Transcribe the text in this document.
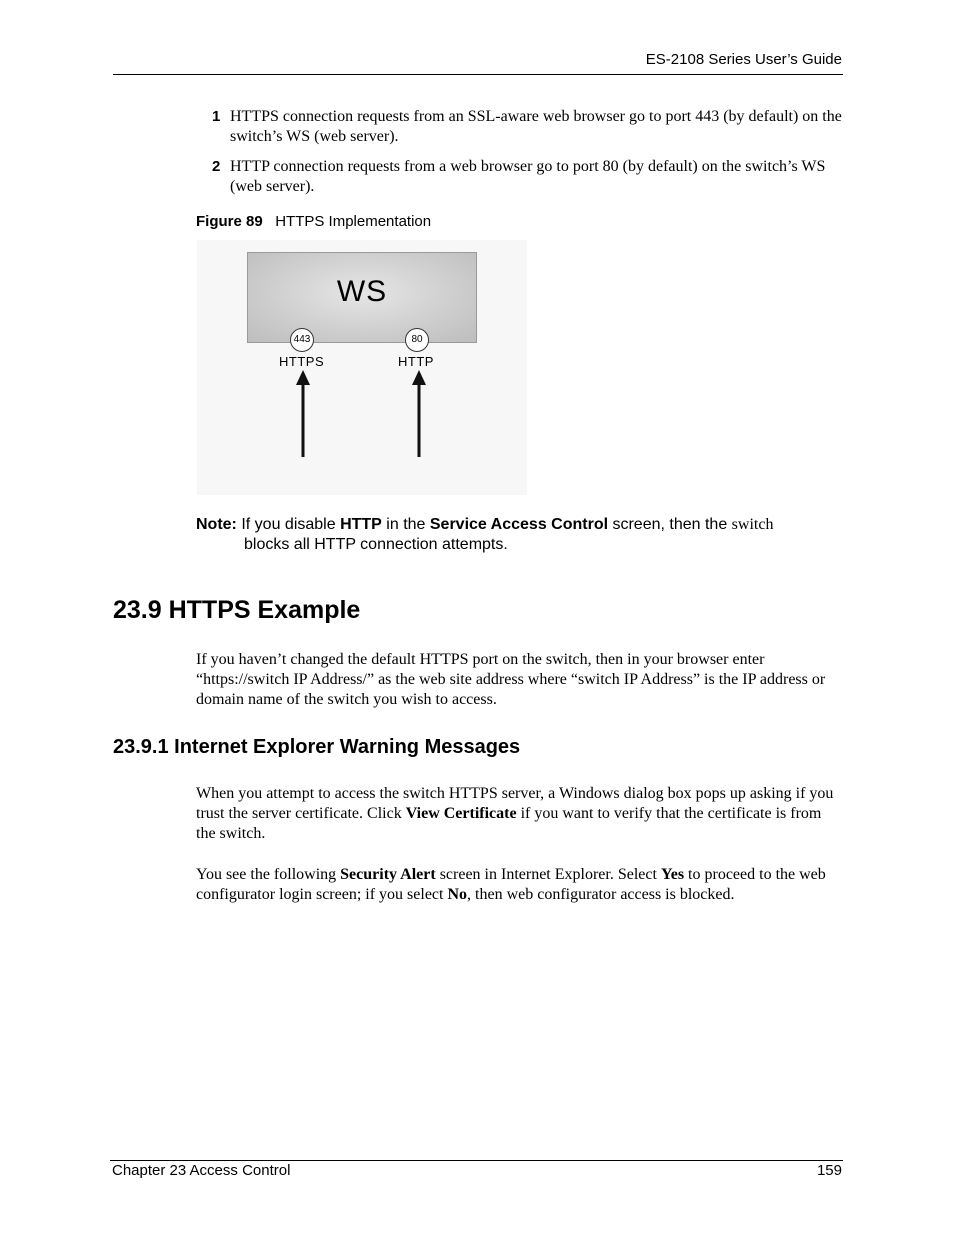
ES-2108 Series User’s Guide
1 HTTPS connection requests from an SSL-aware web browser go to port 443 (by default) on the switch’s WS (web server).
2 HTTP connection requests from a web browser go to port 80 (by default) on the switch’s WS (web server).
Figure 89 HTTPS Implementation
WS
443	80
HTTPS	HTTP
Note: If you disable HTTP in the Service Access Control screen, then the switch
blocks all HTTP connection attempts.
23.9 HTTPS Example
If you haven’t changed the default HTTPS port on the switch, then in your browser enter “https://switch IP Address/” as the web site address where “switch IP Address” is the IP address or domain name of the switch you wish to access.
23.9.1 Internet Explorer Warning Messages
When you attempt to access the switch HTTPS server, a Windows dialog box pops up asking if you trust the server certificate. Click View Certificate if you want to verify that the certificate is from the switch.
You see the following Security Alert screen in Internet Explorer. Select Yes to proceed to the web configurator login screen; if you select No, then web configurator access is blocked.
Chapter 23 Access Control	159
